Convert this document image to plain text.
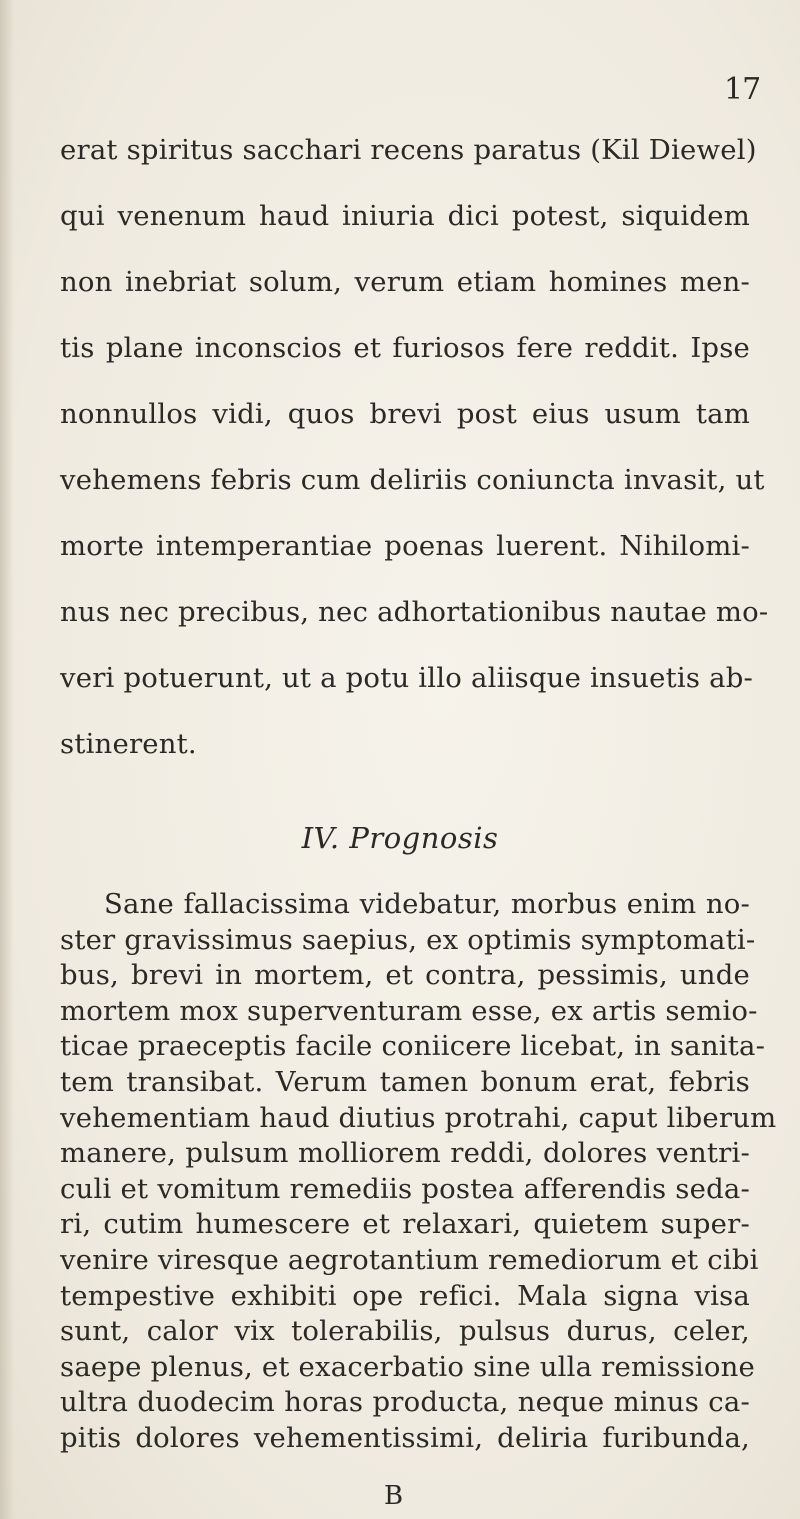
17
erat spiritus sacchari recens paratus (Kil Diewel)
qui venenum haud iniuria dici potest, siquidem
non inebriat solum, verum etiam homines men-
tis plane inconscios et furiosos fere reddit. Ipse
nonnullos vidi, quos brevi post eius usum tam
vehemens febris cum deliriis coniuncta invasit, ut
morte intemperantiae poenas luerent. Nihilomi-
nus nec precibus, nec adhortationibus nautae mo-
veri potuerunt, ut a potu illo aliisque insuetis ab-
stinerent.
IV. Prognosis
Sane fallacissima videbatur, morbus enim no-
ster gravissimus saepius, ex optimis symptomati-
bus, brevi in mortem, et contra, pessimis, unde
mortem mox superventuram esse, ex artis semio-
ticae praeceptis facile coniicere licebat, in sanita-
tem transibat. Verum tamen bonum erat, febris
vehementiam haud diutius protrahi, caput liberum
manere, pulsum molliorem reddi, dolores ventri-
culi et vomitum remediis postea afferendis seda-
ri, cutim humescere et relaxari, quietem super-
venire viresque aegrotantium remediorum et cibi
tempestive exhibiti ope refici. Mala signa visa
sunt, calor vix tolerabilis, pulsus durus, celer,
saepe plenus, et exacerbatio sine ulla remissione
ultra duodecim horas producta, neque minus ca-
pitis dolores vehementissimi, deliria furibunda,
B
